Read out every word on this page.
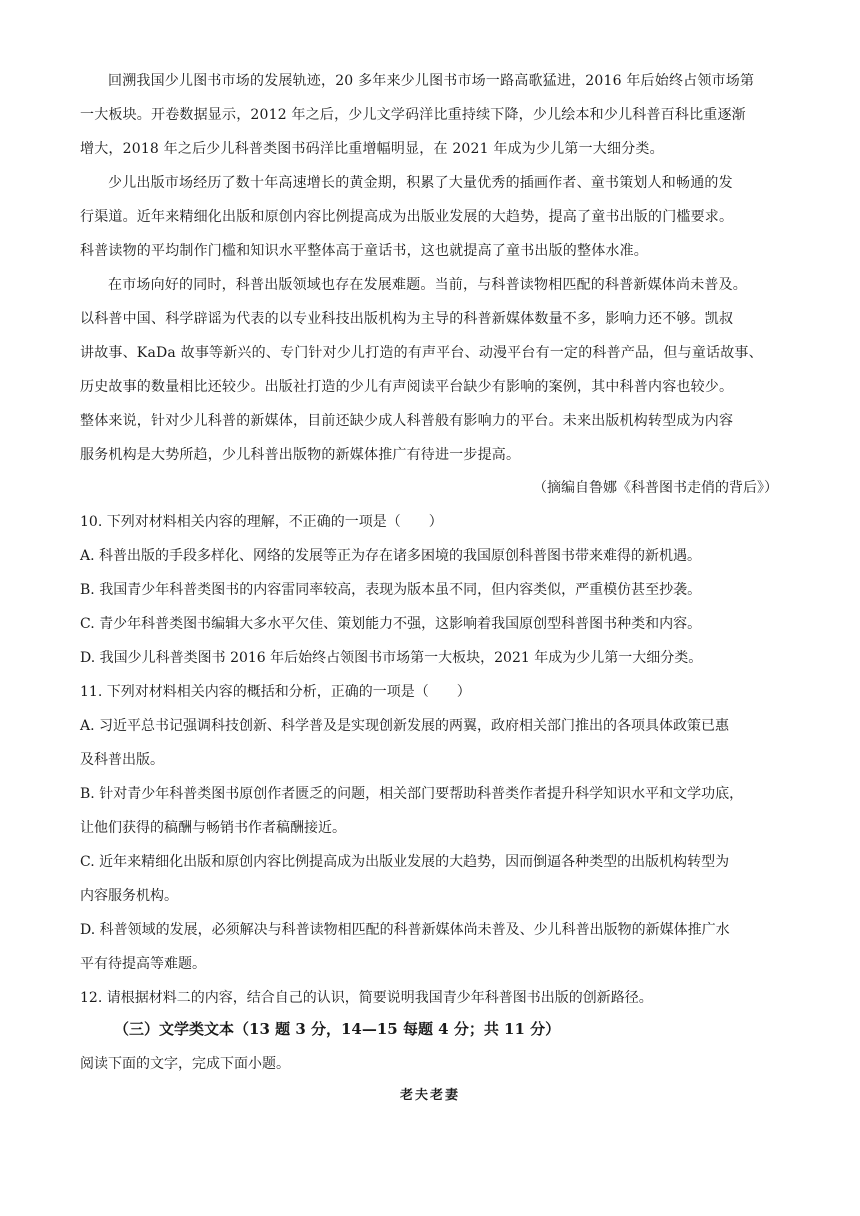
回溯我国少儿图书市场的发展轨迹，20 多年来少儿图书市场一路高歌猛进，2016 年后始终占领市场第
一大板块。开卷数据显示，2012 年之后，少儿文学码洋比重持续下降，少儿绘本和少儿科普百科比重逐渐
增大，2018 年之后少儿科普类图书码洋比重增幅明显，在 2021 年成为少儿第一大细分类。
少儿出版市场经历了数十年高速增长的黄金期，积累了大量优秀的插画作者、童书策划人和畅通的发
行渠道。近年来精细化出版和原创内容比例提高成为出版业发展的大趋势，提高了童书出版的门槛要求。
科普读物的平均制作门槛和知识水平整体高于童话书，这也就提高了童书出版的整体水准。
在市场向好的同时，科普出版领域也存在发展难题。当前，与科普读物相匹配的科普新媒体尚未普及。
以科普中国、科学辟谣为代表的以专业科技出版机构为主导的科普新媒体数量不多，影响力还不够。凯叔
讲故事、KaDa 故事等新兴的、专门针对少儿打造的有声平台、动漫平台有一定的科普产品，但与童话故事、
历史故事的数量相比还较少。出版社打造的少儿有声阅读平台缺少有影响的案例，其中科普内容也较少。
整体来说，针对少儿科普的新媒体，目前还缺少成人科普般有影响力的平台。未来出版机构转型成为内容
服务机构是大势所趋，少儿科普出版物的新媒体推广有待进一步提高。
（摘编自鲁娜《科普图书走俏的背后》）
10. 下列对材料相关内容的理解，不正确的一项是（　　）
A. 科普出版的手段多样化、网络的发展等正为存在诸多困境的我国原创科普图书带来难得的新机遇。
B. 我国青少年科普类图书的内容雷同率较高，表现为版本虽不同，但内容类似，严重模仿甚至抄袭。
C. 青少年科普类图书编辑大多水平欠佳、策划能力不强，这影响着我国原创型科普图书种类和内容。
D. 我国少儿科普类图书 2016 年后始终占领图书市场第一大板块，2021 年成为少儿第一大细分类。
11. 下列对材料相关内容的概括和分析，正确的一项是（　　）
A. 习近平总书记强调科技创新、科学普及是实现创新发展的两翼，政府相关部门推出的各项具体政策已惠
及科普出版。
B. 针对青少年科普类图书原创作者匮乏的问题，相关部门要帮助科普类作者提升科学知识水平和文学功底，
让他们获得的稿酬与畅销书作者稿酬接近。
C. 近年来精细化出版和原创内容比例提高成为出版业发展的大趋势，因而倒逼各种类型的出版机构转型为
内容服务机构。
D. 科普领域的发展，必须解决与科普读物相匹配的科普新媒体尚未普及、少儿科普出版物的新媒体推广水
平有待提高等难题。
12. 请根据材料二的内容，结合自己的认识，简要说明我国青少年科普图书出版的创新路径。
（三）文学类文本（13 题 3 分，14—15 每题 4 分；共 11 分）
阅读下面的文字，完成下面小题。
老夫老妻
